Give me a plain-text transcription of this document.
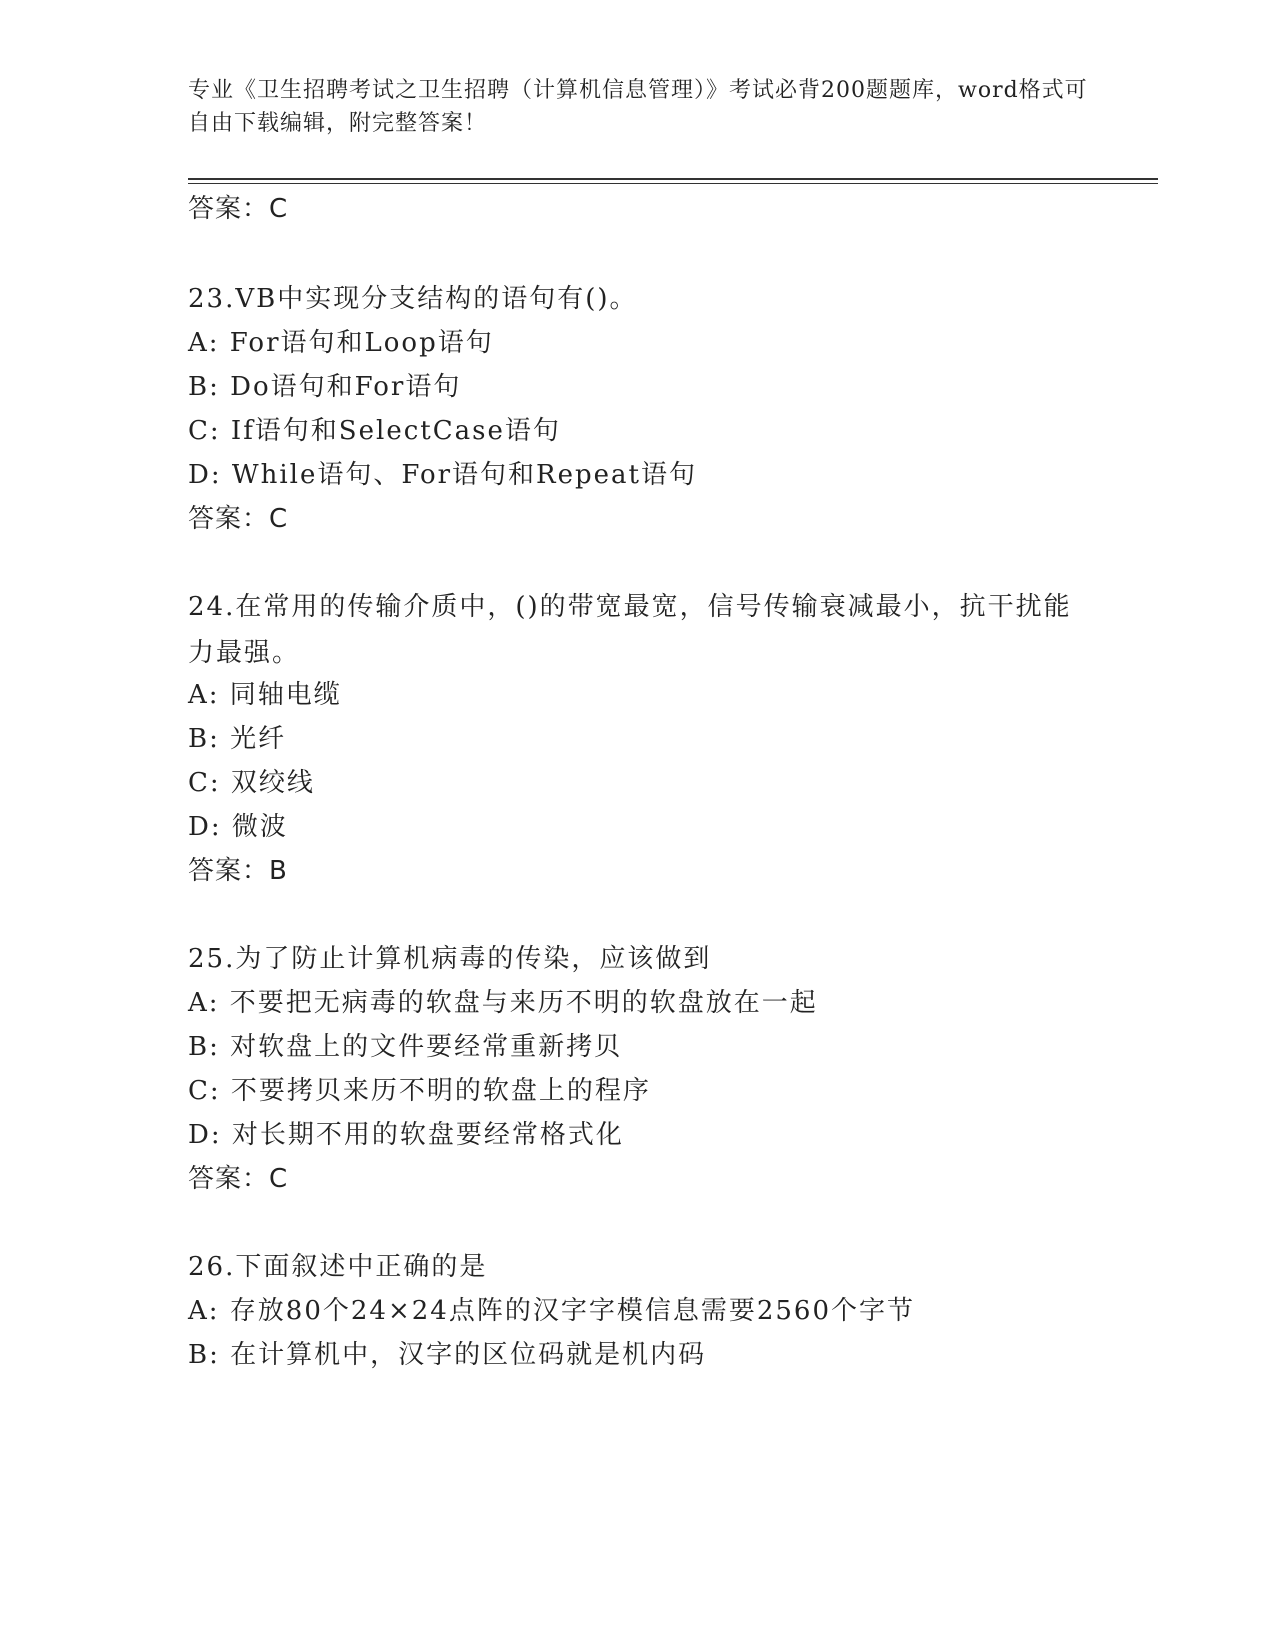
专业《卫生招聘考试之卫生招聘（计算机信息管理）》考试必背200题题库，word格式可自由下载编辑，附完整答案！
答案：C
23.VB中实现分支结构的语句有()。
A: For语句和Loop语句
B: Do语句和For语句
C: If语句和SelectCase语句
D: While语句、For语句和Repeat语句
答案：C
24.在常用的传输介质中，()的带宽最宽，信号传输衰减最小，抗干扰能力最强。
A: 同轴电缆
B: 光纤
C: 双绞线
D: 微波
答案：B
25.为了防止计算机病毒的传染，应该做到
A: 不要把无病毒的软盘与来历不明的软盘放在一起
B: 对软盘上的文件要经常重新拷贝
C: 不要拷贝来历不明的软盘上的程序
D: 对长期不用的软盘要经常格式化
答案：C
26.下面叙述中正确的是
A: 存放80个24×24点阵的汉字字模信息需要2560个字节
B: 在计算机中，汉字的区位码就是机内码
